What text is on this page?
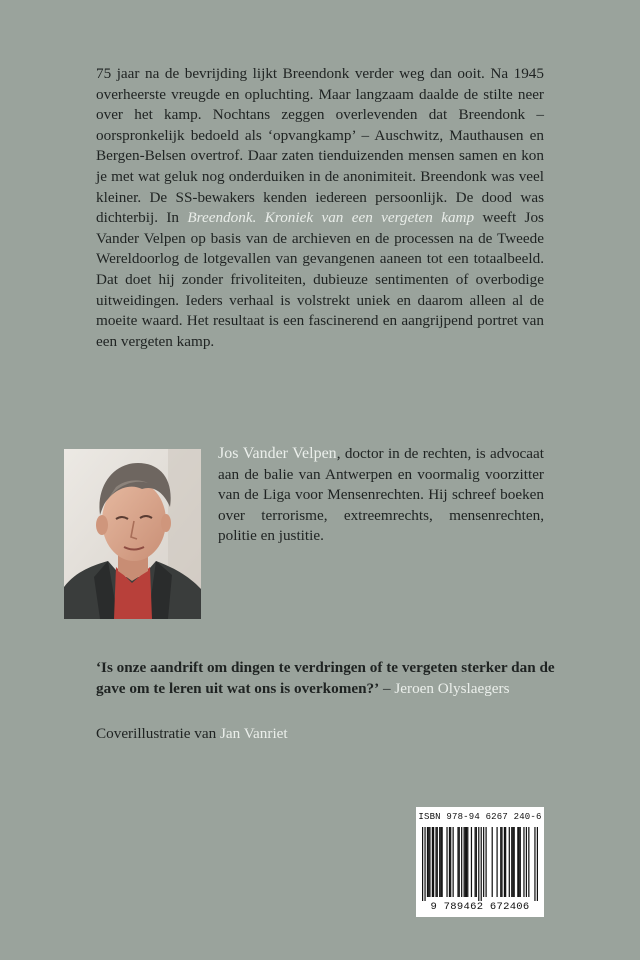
75 jaar na de bevrijding lijkt Breendonk verder weg dan ooit. Na 1945 overheerste vreugde en opluchting. Maar langzaam daalde de stilte neer over het kamp. Nochtans zeggen overlevenden dat Breendonk – oorspronkelijk bedoeld als ‘opvangkamp’ – Auschwitz, Mauthausen en Bergen-Belsen overtrof. Daar zaten tienduizenden mensen samen en kon je met wat geluk nog onderduiken in de anonimiteit. Breendonk was veel kleiner. De SS-bewakers kenden iedereen persoonlijk. De dood was dichterbij. In Breendonk. Kroniek van een vergeten kamp weeft Jos Vander Velpen op basis van de archieven en de processen na de Tweede Wereldoorlog de lotgevallen van gevangenen aaneen tot een totaalbeeld. Dat doet hij zonder frivoliteiten, dubieuze sentimenten of overbodige uitweidingen. Ieders verhaal is volstrekt uniek en daarom alleen al de moeite waard. Het resultaat is een fascinerend en aangrijpend portret van een vergeten kamp.

Jos Vander Velpen, doctor in de rechten, is advocaat aan de balie van Antwerpen en voormalig voorzitter van de Liga voor Mensenrechten. Hij schreef boeken over terrorisme, extreemrechts, mensenrechten, politie en justitie.

‘Is onze aandrift om dingen te verdringen of te vergeten sterker dan de gave om te leren uit wat ons is overkomen?’ – Jeroen Olyslaegers

Coverillustratie van Jan Vanriet

ISBN 978-94 6267 240-6
9 789462 672406
